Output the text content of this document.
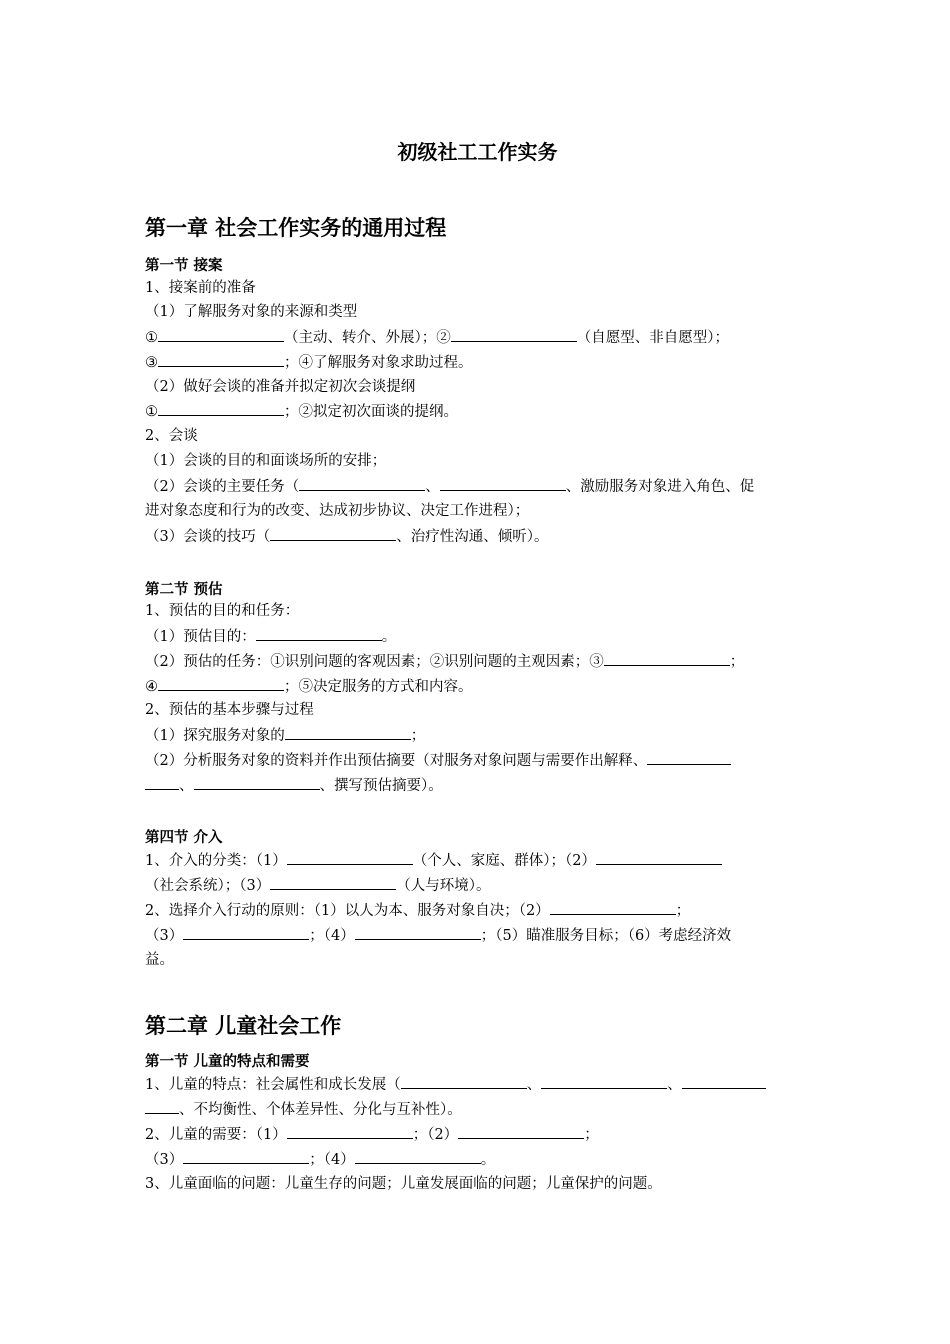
初级社工工作实务
第一章 社会工作实务的通用过程
第一节 接案
1、接案前的准备
（1）了解服务对象的来源和类型
①	（主动、转介、外展）；②	（自愿型、非自愿型）；
③	；④了解服务对象求助过程。
（2）做好会谈的准备并拟定初次会谈提纲
①	；②拟定初次面谈的提纲。
2、会谈
（1）会谈的目的和面谈场所的安排；
（2）会谈的主要任务（	、	、激励服务对象进入角色、促
进对象态度和行为的改变、达成初步协议、决定工作进程）；
（3）会谈的技巧（	、治疗性沟通、倾听）。
第二节 预估
1、预估的目的和任务：
（1）预估目的：	。
（2）预估的任务：①识别问题的客观因素；②识别问题的主观因素；③	；
④	；⑤决定服务的方式和内容。
2、预估的基本步骤与过程
（1）探究服务对象的	；
（2）分析服务对象的资料并作出预估摘要（对服务对象问题与需要作出解释、
、	、撰写预估摘要）。
第四节 介入
1、介入的分类：（1）	（个人、家庭、群体）；（2）
（社会系统）；（3）	（人与环境）。
2、选择介入行动的原则：（1）以人为本、服务对象自决；（2）	；
（3）	；（4）	；（5）瞄准服务目标；（6）考虑经济效
益。
第二章 儿童社会工作
第一节 儿童的特点和需要
1、儿童的特点：社会属性和成长发展（	、	、
、不均衡性、个体差异性、分化与互补性）。
2、儿童的需要：（1）	；（2）	；
（3）	；（4）	。
3、儿童面临的问题：儿童生存的问题；儿童发展面临的问题；儿童保护的问题。
